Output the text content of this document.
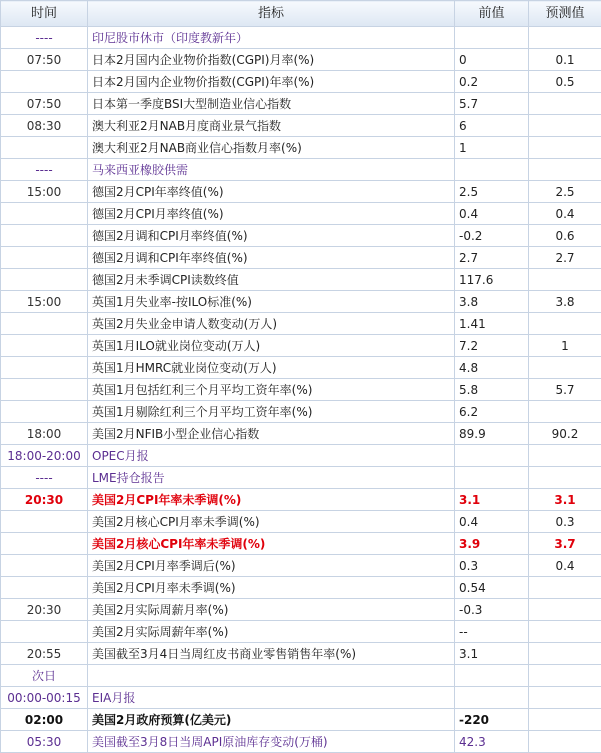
时间	指标	前值	预测值
----	印尼股市休市（印度教新年）		
07:50	日本2月国内企业物价指数(CGPI)月率(%)	0	0.1
	日本2月国内企业物价指数(CGPI)年率(%)	0.2	0.5
07:50	日本第一季度BSI大型制造业信心指数	5.7	
08:30	澳大利亚2月NAB月度商业景气指数	6	
	澳大利亚2月NAB商业信心指数月率(%)	1	
----	马来西亚橡胶供需		
15:00	德国2月CPI年率终值(%)	2.5	2.5
	德国2月CPI月率终值(%)	0.4	0.4
	德国2月调和CPI月率终值(%)	-0.2	0.6
	德国2月调和CPI年率终值(%)	2.7	2.7
	德国2月未季调CPI读数终值	117.6	
15:00	英国1月失业率-按ILO标准(%)	3.8	3.8
	英国2月失业金申请人数变动(万人)	1.41	
	英国1月ILO就业岗位变动(万人)	7.2	1
	英国1月HMRC就业岗位变动(万人)	4.8	
	英国1月包括红利三个月平均工资年率(%)	5.8	5.7
	英国1月剔除红利三个月平均工资年率(%)	6.2	
18:00	美国2月NFIB小型企业信心指数	89.9	90.2
18:00-20:00	OPEC月报		
----	LME持仓报告		
20:30	美国2月CPI年率未季调(%)	3.1	3.1
	美国2月核心CPI月率未季调(%)	0.4	0.3
	美国2月核心CPI年率未季调(%)	3.9	3.7
	美国2月CPI月率季调后(%)	0.3	0.4
	美国2月CPI月率未季调(%)	0.54	
20:30	美国2月实际周薪月率(%)	-0.3	
	美国2月实际周薪年率(%)	--	
20:55	美国截至3月4日当周红皮书商业零售销售年率(%)	3.1	
次日			
00:00-00:15	EIA月报		
02:00	美国2月政府预算(亿美元)	-220	
05:30	美国截至3月8日当周API原油库存变动(万桶)	42.3	
